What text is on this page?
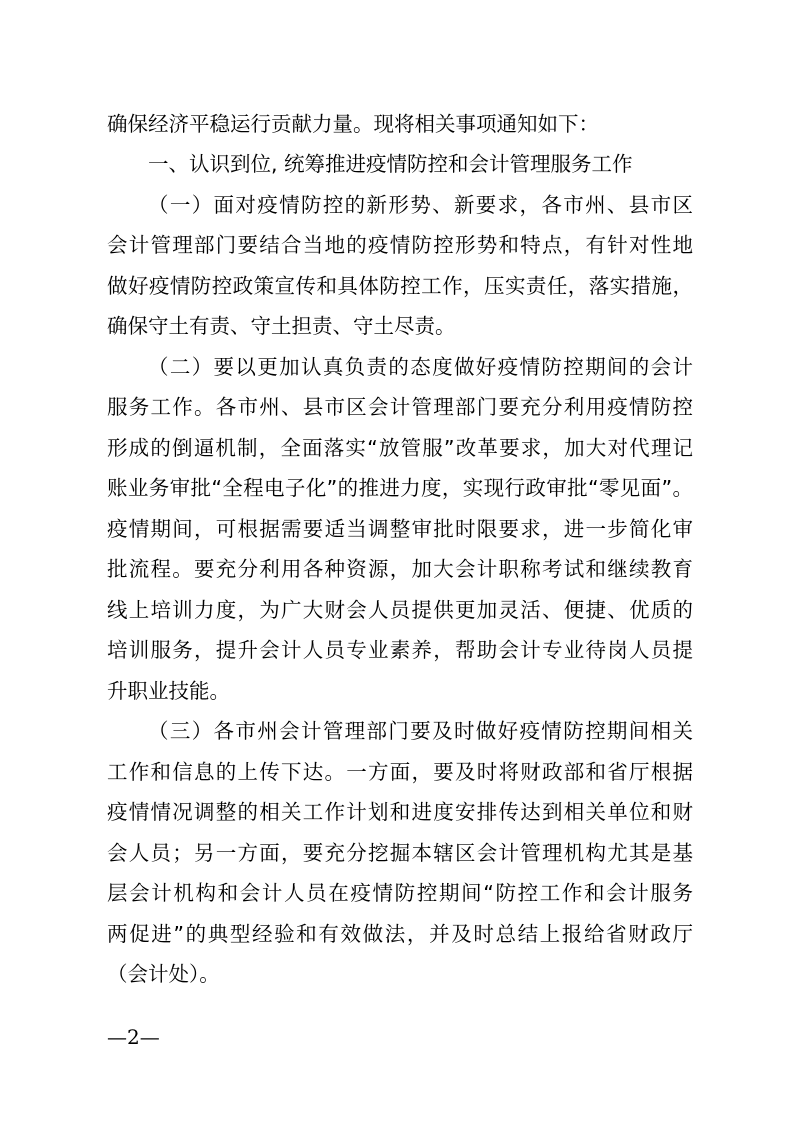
确保经济平稳运行贡献力量。现将相关事项通知如下：

一、认识到位, 统筹推进疫情防控和会计管理服务工作

（一）面对疫情防控的新形势、新要求，各市州、县市区

会计管理部门要结合当地的疫情防控形势和特点，有针对性地

做好疫情防控政策宣传和具体防控工作，压实责任，落实措施，

确保守土有责、守土担责、守土尽责。

（二）要以更加认真负责的态度做好疫情防控期间的会计

服务工作。各市州、县市区会计管理部门要充分利用疫情防控

形成的倒逼机制，全面落实“放管服”改革要求，加大对代理记

账业务审批“全程电子化”的推进力度，实现行政审批“零见面”。

疫情期间，可根据需要适当调整审批时限要求，进一步简化审

批流程。要充分利用各种资源，加大会计职称考试和继续教育

线上培训力度，为广大财会人员提供更加灵活、便捷、优质的

培训服务，提升会计人员专业素养，帮助会计专业待岗人员提

升职业技能。

（三）各市州会计管理部门要及时做好疫情防控期间相关

工作和信息的上传下达。一方面，要及时将财政部和省厅根据

疫情情况调整的相关工作计划和进度安排传达到相关单位和财

会人员；另一方面，要充分挖掘本辖区会计管理机构尤其是基

层会计机构和会计人员在疫情防控期间“防控工作和会计服务

两促进”的典型经验和有效做法，并及时总结上报给省财政厅

（会计处）。

—2—
